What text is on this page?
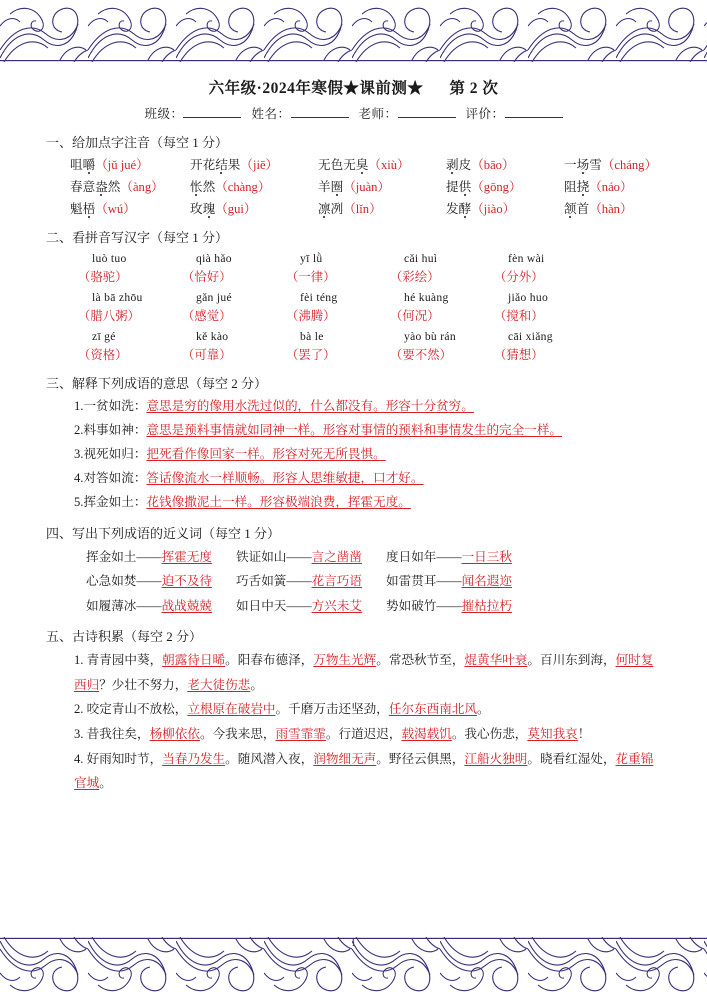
六年级·2024年寒假★课前测★ 第 2 次
班级：	姓名：	老师：	评价：
一、给加点字注音（每空 1 分）
咀嚼（jǔ jué）	开花结果（jiē）	无色无臭（xiù）	剥皮（bāo）	一场雪（cháng）
春意盎然（àng） 怅然（chàng）	羊圈（juàn）	提供（gōng）	阻挠（náo）
魁梧（wú）	玫瑰（gui）	凛冽（lǐn）	发酵（jiào）	颔首（hàn）
二、看拼音写汉字（每空 1 分）
luò tuo	qià hǎo	yī lǜ	cǎi huì	fèn wài
（骆驼）	（恰好）	（一律）	（彩绘）	（分外）
là bā zhōu	gǎn jué	fèi téng	hé kuàng	jiǎo huo
（腊八粥）	（感觉）	（沸腾）	（何况）	（搅和）
zī gé	kě kào	bà le	yào bù rán	cāi xiǎng
（资格）	（可靠）	（罢了）	（要不然）	（猜想）
三、解释下列成语的意思（每空 2 分）
1.一贫如洗：意思是穷的像用水洗过似的，什么都没有。形容十分贫穷。
2.料事如神：意思是预料事情就如同神一样。形容对事情的预料和事情发生的完全一样。
3.视死如归：把死看作像回家一样。形容对死无所畏惧。
4.对答如流：答话像流水一样顺畅。形容人思维敏捷，口才好。
5.挥金如土：花钱像撒泥土一样。形容极端浪费，挥霍无度。
四、写出下列成语的近义词（每空 1 分）
挥金如土——挥霍无度 铁证如山——言之凿凿 度日如年——一日三秋
心急如焚——迫不及待 巧舌如簧——花言巧语 如雷贯耳——闻名遐迩
如履薄冰——战战兢兢 如日中天——方兴未艾 势如破竹——摧枯拉朽
五、古诗积累（每空 2 分）
1. 青青园中葵，朝露待日晞。阳春布德泽，万物生光辉。常恐秋节至，焜黄华叶衰。百川东到海，何时复西归？少壮不努力，老大徒伤悲。
2. 咬定青山不放松，立根原在破岩中。千磨万击还坚劲，任尔东西南北风。
3. 昔我往矣，杨柳依依。今我来思，雨雪霏霏。行道迟迟，载渴载饥。我心伤悲，莫知我哀！
4. 好雨知时节，当春乃发生。随风潜入夜，润物细无声。野径云俱黑，江船火独明。晓看红湿处，花重锦官城。
